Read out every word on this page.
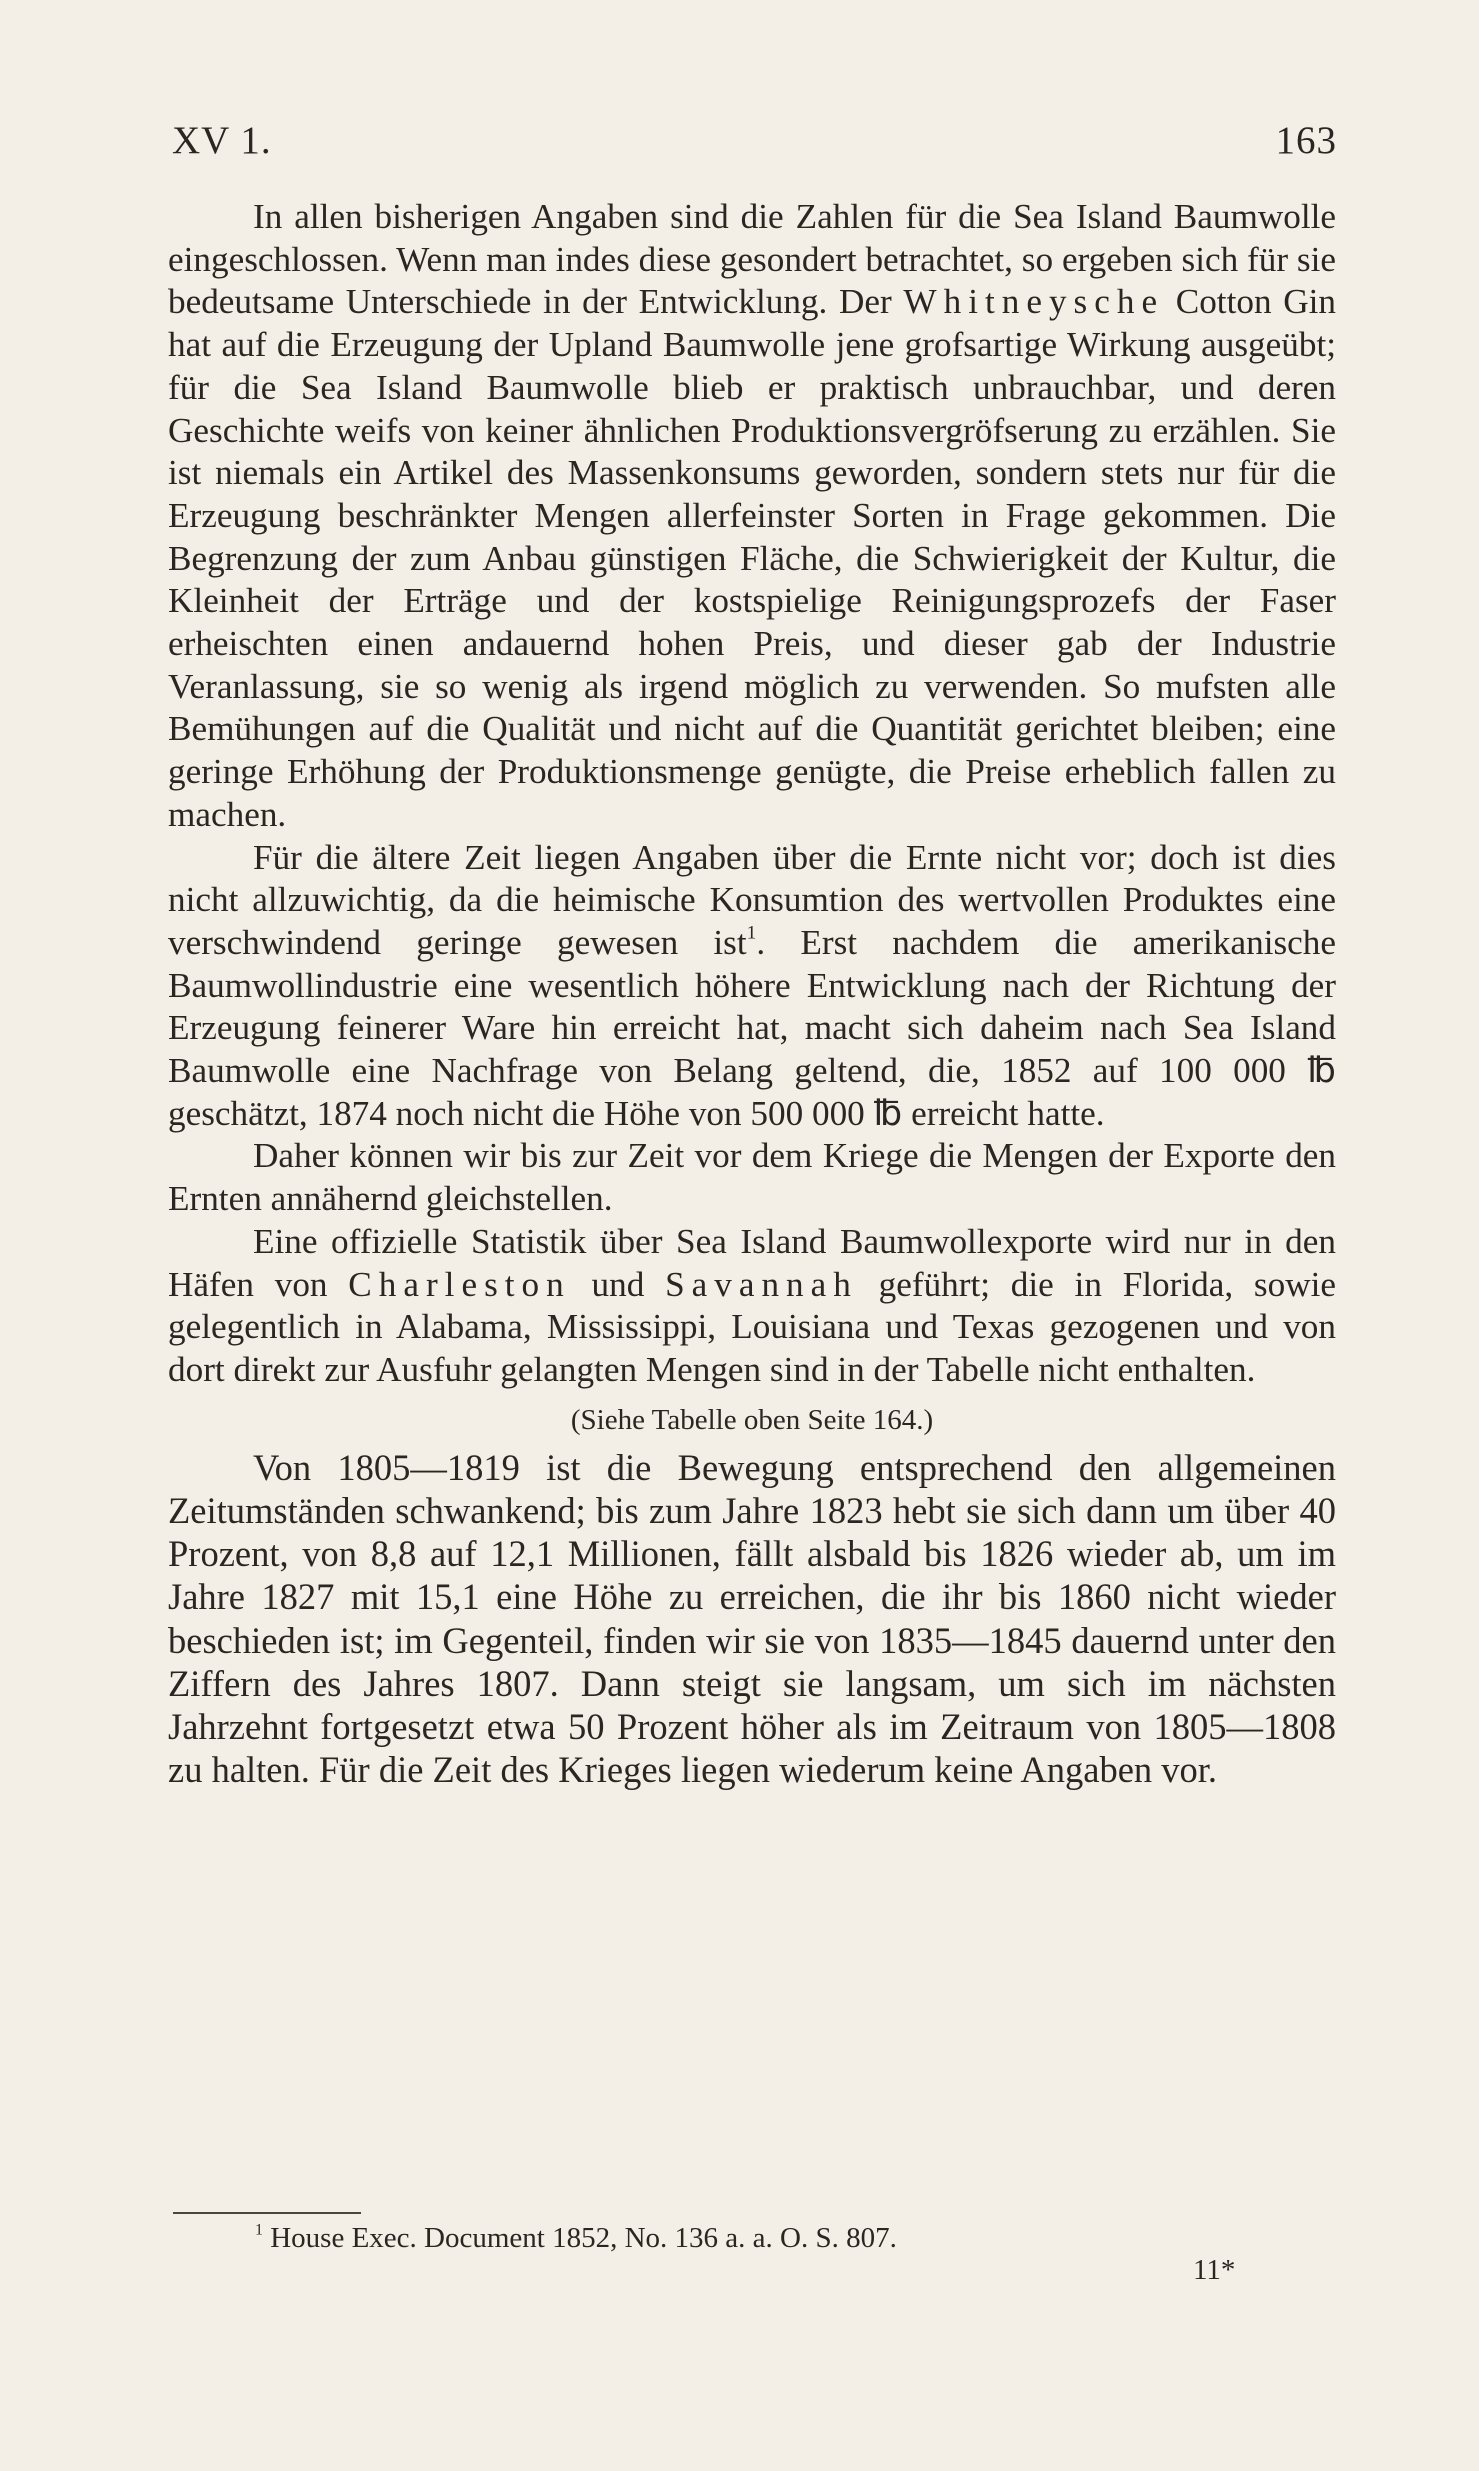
XV 1.	163

In allen bisherigen Angaben sind die Zahlen für die Sea Island Baumwolle eingeschlossen. Wenn man indes diese gesondert betrachtet, so ergeben sich für sie bedeutsame Unterschiede in der Entwicklung. Der Whitneysche Cotton Gin hat auf die Erzeugung der Upland Baumwolle jene grofsartige Wirkung ausgeübt; für die Sea Island Baumwolle blieb er praktisch unbrauchbar, und deren Geschichte weifs von keiner ähnlichen Produktionsvergröfserung zu erzählen. Sie ist niemals ein Artikel des Massenkonsums geworden, sondern stets nur für die Erzeugung beschränkter Mengen allerfeinster Sorten in Frage gekommen. Die Begrenzung der zum Anbau günstigen Fläche, die Schwierigkeit der Kultur, die Kleinheit der Erträge und der kostspielige Reinigungsprozefs der Faser erheischten einen andauernd hohen Preis, und dieser gab der Industrie Veranlassung, sie so wenig als irgend möglich zu verwenden. So mufsten alle Bemühungen auf die Qualität und nicht auf die Quantität gerichtet bleiben; eine geringe Erhöhung der Produktionsmenge genügte, die Preise erheblich fallen zu machen.

Für die ältere Zeit liegen Angaben über die Ernte nicht vor; doch ist dies nicht allzuwichtig, da die heimische Konsumtion des wertvollen Produktes eine verschwindend geringe gewesen ist$^1$. Erst nachdem die amerikanische Baumwollindustrie eine wesentlich höhere Entwicklung nach der Richtung der Erzeugung feinerer Ware hin erreicht hat, macht sich daheim nach Sea Island Baumwolle eine Nachfrage von Belang geltend, die, 1852 auf 100 000 ℔ geschätzt, 1874 noch nicht die Höhe von 500 000 ℔ erreicht hatte.

Daher können wir bis zur Zeit vor dem Kriege die Mengen der Exporte den Ernten annähernd gleichstellen.

Eine offizielle Statistik über Sea Island Baumwollexporte wird nur in den Häfen von Charleston und Savannah geführt; die in Florida, sowie gelegentlich in Alabama, Mississippi, Louisiana und Texas gezogenen und von dort direkt zur Ausfuhr gelangten Mengen sind in der Tabelle nicht enthalten.

(Siehe Tabelle oben Seite 164.)

Von 1805—1819 ist die Bewegung entsprechend den allgemeinen Zeitumständen schwankend; bis zum Jahre 1823 hebt sie sich dann um über 40 Prozent, von 8,8 auf 12,1 Millionen, fällt alsbald bis 1826 wieder ab, um im Jahre 1827 mit 15,1 eine Höhe zu erreichen, die ihr bis 1860 nicht wieder beschieden ist; im Gegenteil, finden wir sie von 1835—1845 dauernd unter den Ziffern des Jahres 1807. Dann steigt sie langsam, um sich im nächsten Jahrzehnt fortgesetzt etwa 50 Prozent höher als im Zeitraum von 1805—1808 zu halten. Für die Zeit des Krieges liegen wiederum keine Angaben vor.

$^1$ House Exec. Document 1852, No. 136 a. a. O. S. 807.
11*
